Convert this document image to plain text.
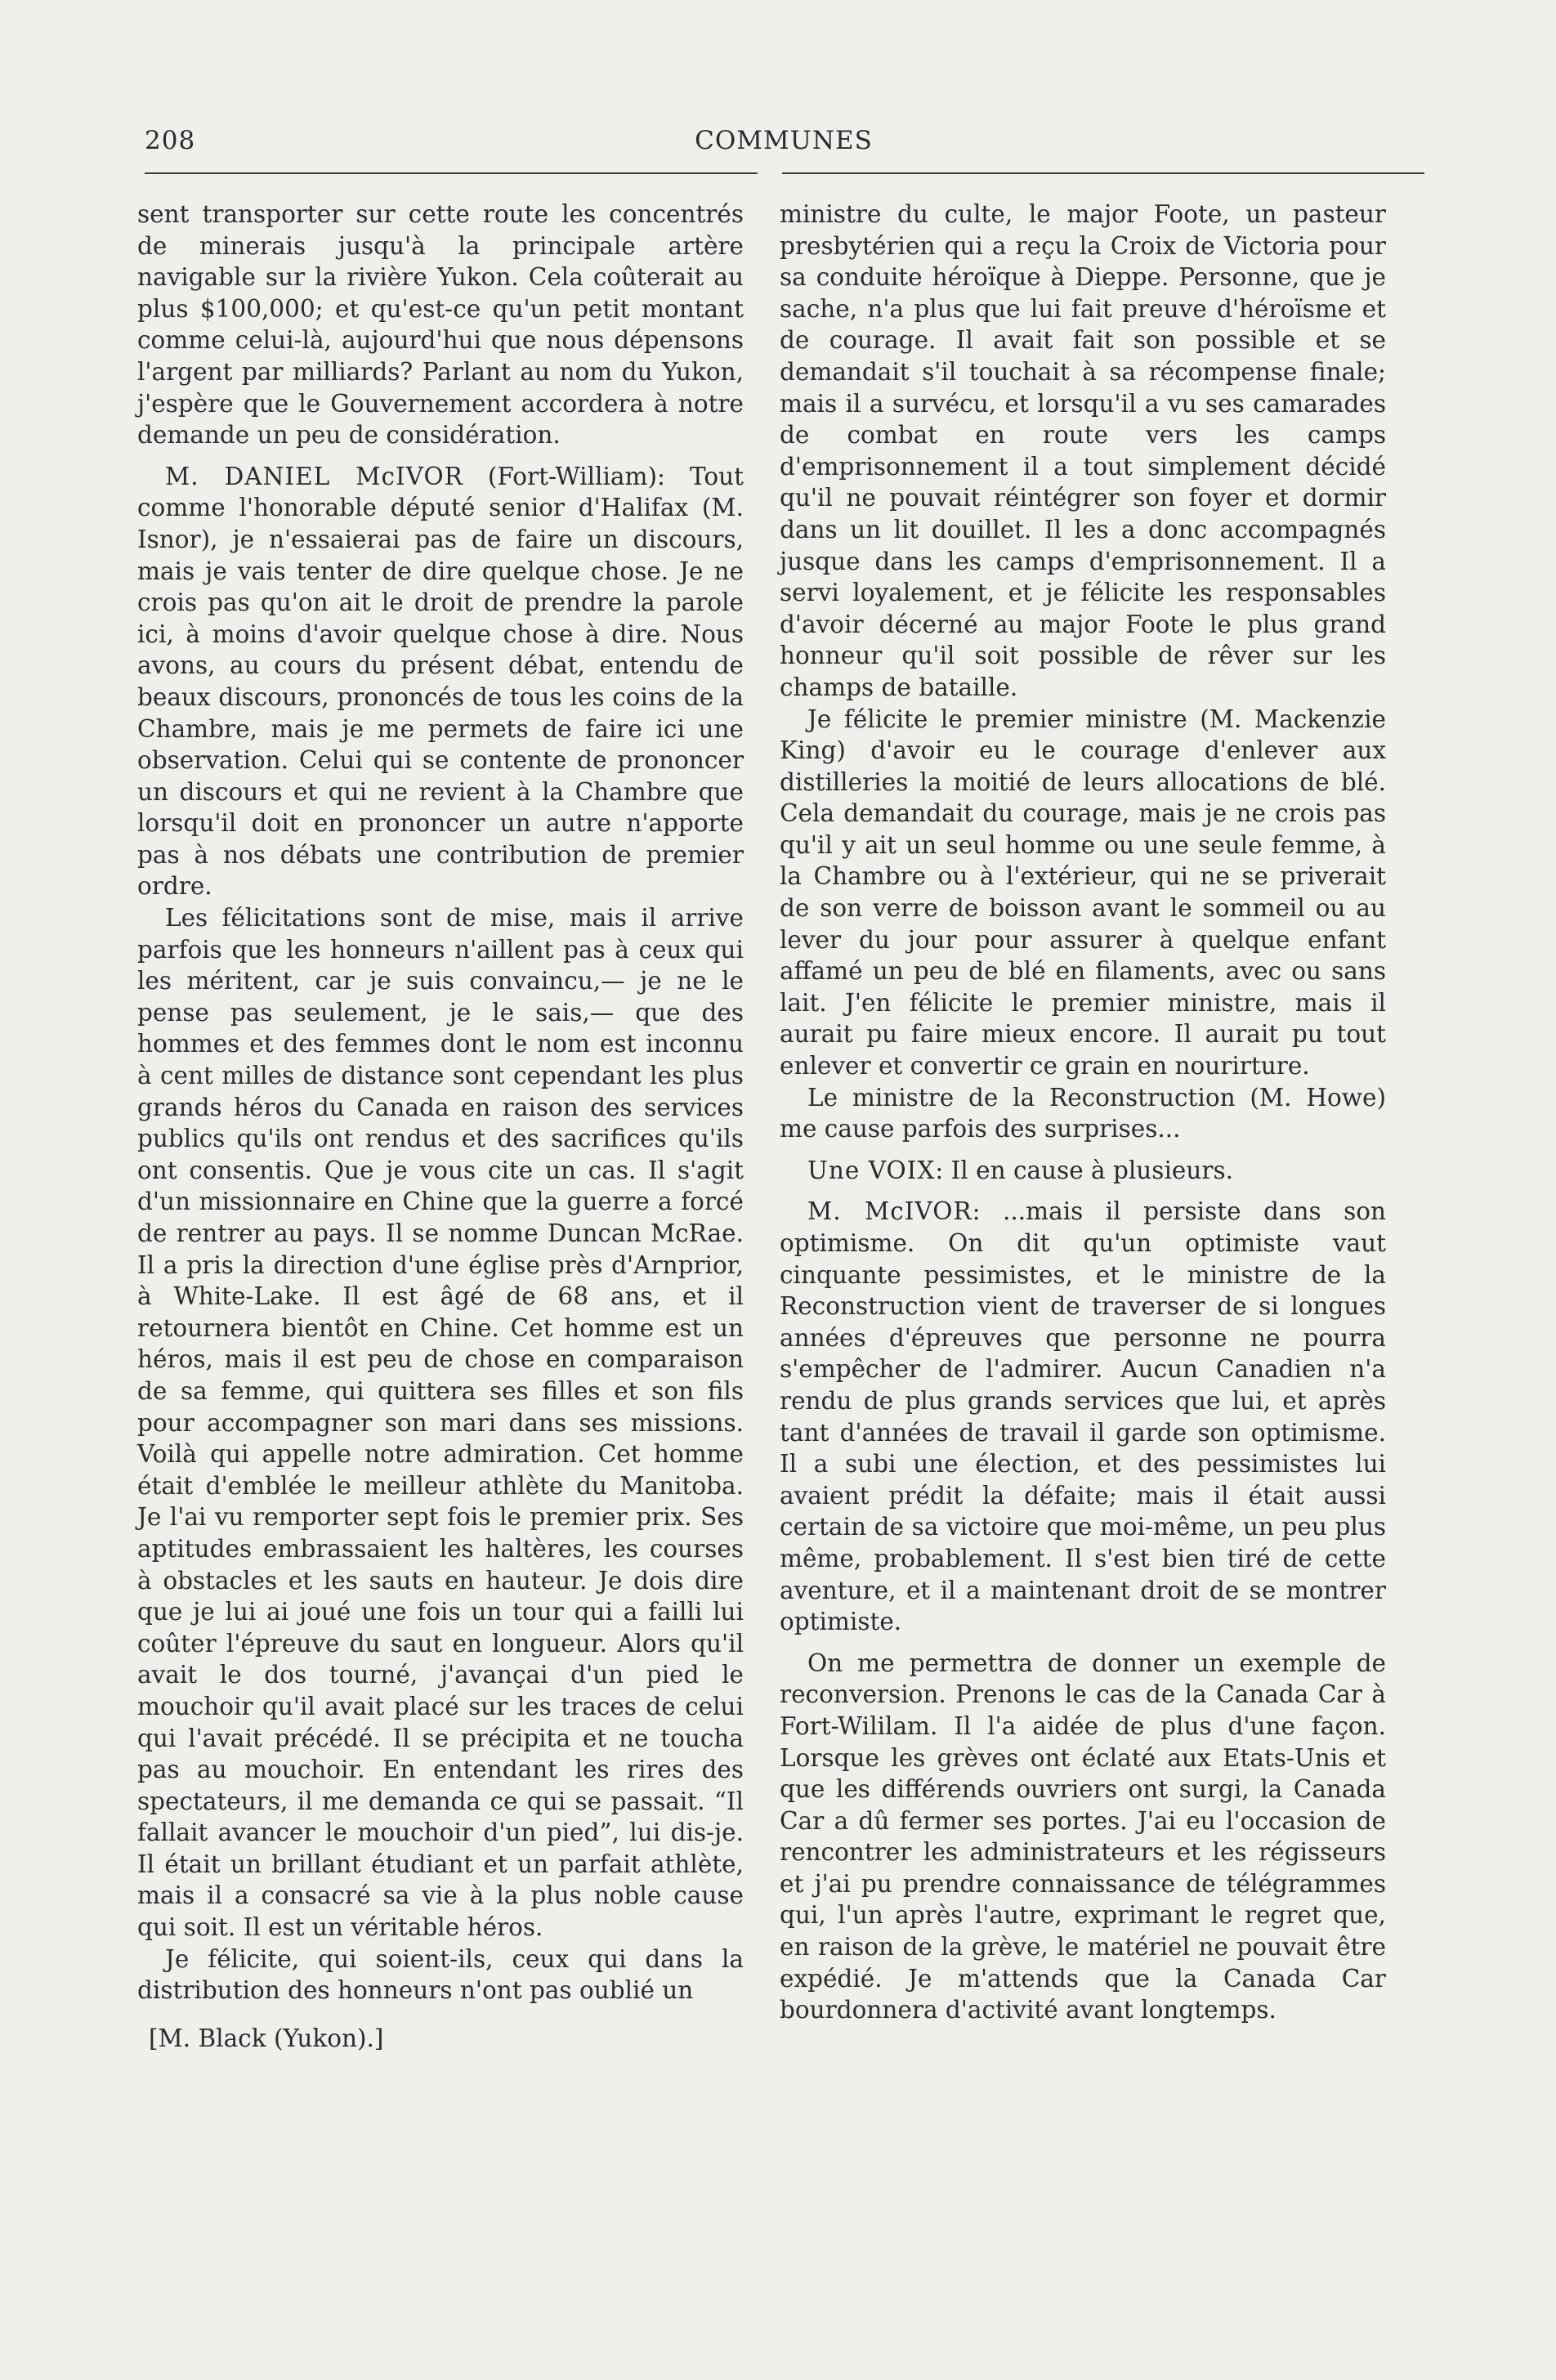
208	COMMUNES

sent transporter sur cette route les concentrés de minerais jusqu'à la principale artère navigable sur la rivière Yukon. Cela coûterait au plus $100,000; et qu'est-ce qu'un petit montant comme celui-là, aujourd'hui que nous dépensons l'argent par milliards? Parlant au nom du Yukon, j'espère que le Gouvernement accordera à notre demande un peu de considération.

M. DANIEL McIVOR (Fort-William): Tout comme l'honorable député senior d'Halifax (M. Isnor), je n'essaierai pas de faire un discours, mais je vais tenter de dire quelque chose. Je ne crois pas qu'on ait le droit de prendre la parole ici, à moins d'avoir quelque chose à dire. Nous avons, au cours du présent débat, entendu de beaux discours, prononcés de tous les coins de la Chambre, mais je me permets de faire ici une observation. Celui qui se contente de prononcer un discours et qui ne revient à la Chambre que lorsqu'il doit en prononcer un autre n'apporte pas à nos débats une contribution de premier ordre.

Les félicitations sont de mise, mais il arrive parfois que les honneurs n'aillent pas à ceux qui les méritent, car je suis convaincu,— je ne le pense pas seulement, je le sais,— que des hommes et des femmes dont le nom est inconnu à cent milles de distance sont cependant les plus grands héros du Canada en raison des services publics qu'ils ont rendus et des sacrifices qu'ils ont consentis. Que je vous cite un cas. Il s'agit d'un missionnaire en Chine que la guerre a forcé de rentrer au pays. Il se nomme Duncan McRae. Il a pris la direction d'une église près d'Arnprior, à White-Lake. Il est âgé de 68 ans, et il retournera bientôt en Chine. Cet homme est un héros, mais il est peu de chose en comparaison de sa femme, qui quittera ses filles et son fils pour accompagner son mari dans ses missions. Voilà qui appelle notre admiration. Cet homme était d'emblée le meilleur athlète du Manitoba. Je l'ai vu remporter sept fois le premier prix. Ses aptitudes embrassaient les haltères, les courses à obstacles et les sauts en hauteur. Je dois dire que je lui ai joué une fois un tour qui a failli lui coûter l'épreuve du saut en longueur. Alors qu'il avait le dos tourné, j'avançai d'un pied le mouchoir qu'il avait placé sur les traces de celui qui l'avait précédé. Il se précipita et ne toucha pas au mouchoir. En entendant les rires des spectateurs, il me demanda ce qui se passait. “Il fallait avancer le mouchoir d'un pied”, lui dis-je. Il était un brillant étudiant et un parfait athlète, mais il a consacré sa vie à la plus noble cause qui soit. Il est un véritable héros.

Je félicite, qui soient-ils, ceux qui dans la distribution des honneurs n'ont pas oublié un

[M. Black (Yukon).]

ministre du culte, le major Foote, un pasteur presbytérien qui a reçu la Croix de Victoria pour sa conduite héroïque à Dieppe. Personne, que je sache, n'a plus que lui fait preuve d'héroïsme et de courage. Il avait fait son possible et se demandait s'il touchait à sa récompense finale; mais il a survécu, et lorsqu'il a vu ses camarades de combat en route vers les camps d'emprisonnement il a tout simplement décidé qu'il ne pouvait réintégrer son foyer et dormir dans un lit douillet. Il les a donc accompagnés jusque dans les camps d'emprisonnement. Il a servi loyalement, et je félicite les responsables d'avoir décerné au major Foote le plus grand honneur qu'il soit possible de rêver sur les champs de bataille.

Je félicite le premier ministre (M. Mackenzie King) d'avoir eu le courage d'enlever aux distilleries la moitié de leurs allocations de blé. Cela demandait du courage, mais je ne crois pas qu'il y ait un seul homme ou une seule femme, à la Chambre ou à l'extérieur, qui ne se priverait de son verre de boisson avant le sommeil ou au lever du jour pour assurer à quelque enfant affamé un peu de blé en filaments, avec ou sans lait. J'en félicite le premier ministre, mais il aurait pu faire mieux encore. Il aurait pu tout enlever et convertir ce grain en nourirture.

Le ministre de la Reconstruction (M. Howe) me cause parfois des surprises...

Une VOIX: Il en cause à plusieurs.

M. McIVOR: ...mais il persiste dans son optimisme. On dit qu'un optimiste vaut cinquante pessimistes, et le ministre de la Reconstruction vient de traverser de si longues années d'épreuves que personne ne pourra s'empêcher de l'admirer. Aucun Canadien n'a rendu de plus grands services que lui, et après tant d'années de travail il garde son optimisme. Il a subi une élection, et des pessimistes lui avaient prédit la défaite; mais il était aussi certain de sa victoire que moi-même, un peu plus même, probablement. Il s'est bien tiré de cette aventure, et il a maintenant droit de se montrer optimiste.

On me permettra de donner un exemple de reconversion. Prenons le cas de la Canada Car à Fort-Wililam. Il l'a aidée de plus d'une façon. Lorsque les grèves ont éclaté aux Etats-Unis et que les différends ouvriers ont surgi, la Canada Car a dû fermer ses portes. J'ai eu l'occasion de rencontrer les administrateurs et les régisseurs et j'ai pu prendre connaissance de télégrammes qui, l'un après l'autre, exprimant le regret que, en raison de la grève, le matériel ne pouvait être expédié. Je m'attends que la Canada Car bourdonnera d'activité avant longtemps.
